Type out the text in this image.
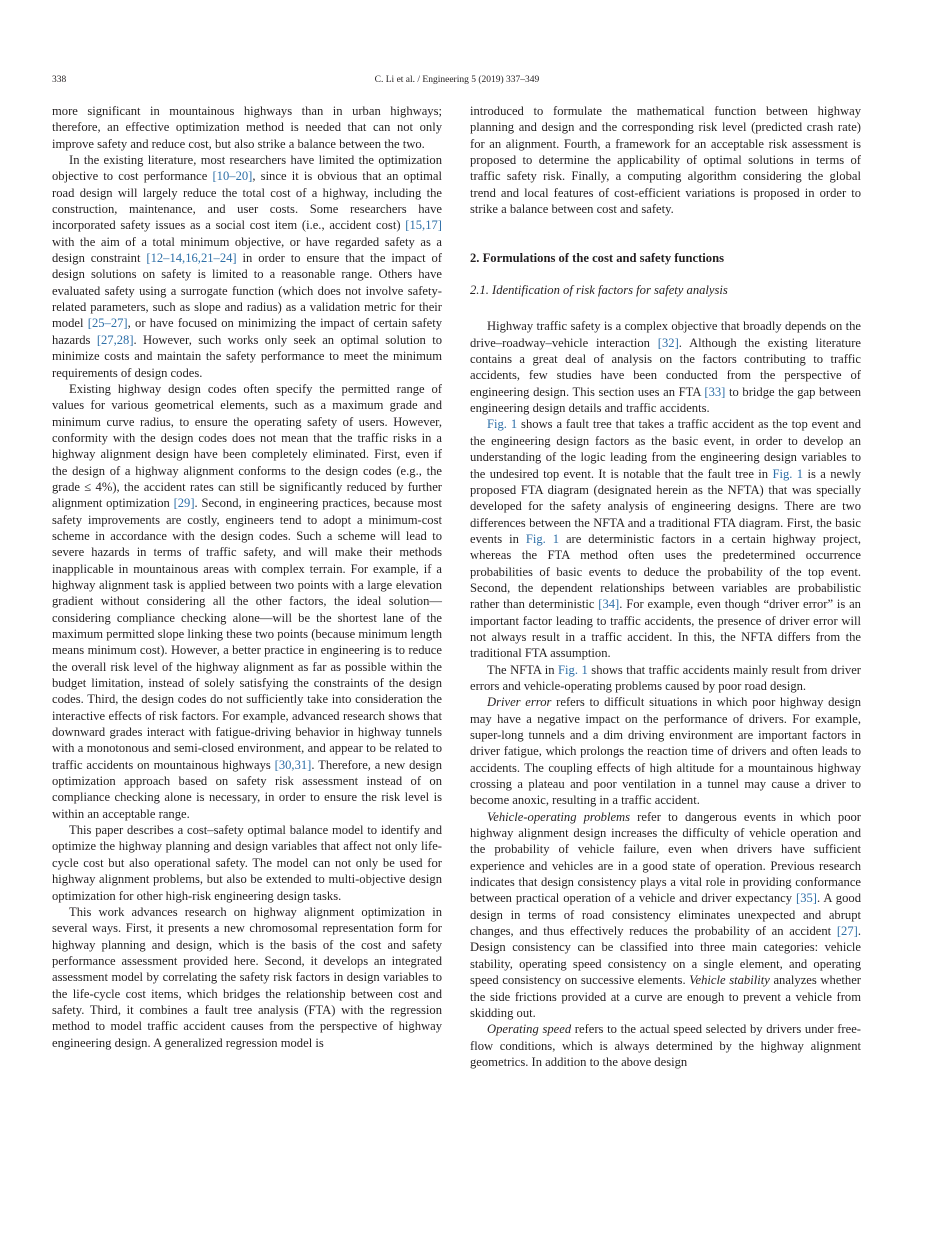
338	C. Li et al. / Engineering 5 (2019) 337–349

more significant in mountainous highways than in urban highways; therefore, an effective optimization method is needed that can not only improve safety and reduce cost, but also strike a balance between the two.

In the existing literature, most researchers have limited the optimization objective to cost performance [10–20], since it is obvious that an optimal road design will largely reduce the total cost of a highway, including the construction, maintenance, and user costs. Some researchers have incorporated safety issues as a social cost item (i.e., accident cost) [15,17] with the aim of a total minimum objective, or have regarded safety as a design constraint [12–14,16,21–24] in order to ensure that the impact of design solutions on safety is limited to a reasonable range. Others have evaluated safety using a surrogate function (which does not involve safety-related parameters, such as slope and radius) as a validation metric for their model [25–27], or have focused on minimizing the impact of certain safety hazards [27,28]. However, such works only seek an optimal solution to minimize costs and maintain the safety performance to meet the minimum requirements of design codes.

Existing highway design codes often specify the permitted range of values for various geometrical elements, such as a maximum grade and minimum curve radius, to ensure the operating safety of users. However, conformity with the design codes does not mean that the traffic risks in a highway alignment design have been completely eliminated. First, even if the design of a highway alignment conforms to the design codes (e.g., the grade ≤ 4%), the accident rates can still be significantly reduced by further alignment optimization [29]. Second, in engineering practices, because most safety improvements are costly, engineers tend to adopt a minimum-cost scheme in accordance with the design codes. Such a scheme will lead to severe hazards in terms of traffic safety, and will make their methods inapplicable in mountainous areas with complex terrain. For example, if a highway alignment task is applied between two points with a large elevation gradient without considering all the other factors, the ideal solution—considering compliance checking alone—will be the shortest lane of the maximum permitted slope linking these two points (because minimum length means minimum cost). However, a better practice in engineering is to reduce the overall risk level of the highway alignment as far as possible within the budget limitation, instead of solely satisfying the constraints of the design codes. Third, the design codes do not sufficiently take into consideration the interactive effects of risk factors. For example, advanced research shows that downward grades interact with fatigue-driving behavior in highway tunnels with a monotonous and semi-closed environment, and appear to be related to traffic accidents on mountainous highways [30,31]. Therefore, a new design optimization approach based on safety risk assessment instead of on compliance checking alone is necessary, in order to ensure the risk level is within an acceptable range.

This paper describes a cost–safety optimal balance model to identify and optimize the highway planning and design variables that affect not only life-cycle cost but also operational safety. The model can not only be used for highway alignment problems, but also be extended to multi-objective design optimization for other high-risk engineering design tasks.

This work advances research on highway alignment optimization in several ways. First, it presents a new chromosomal representation form for highway planning and design, which is the basis of the cost and safety performance assessment provided here. Second, it develops an integrated assessment model by correlating the safety risk factors in design variables to the life-cycle cost items, which bridges the relationship between cost and safety. Third, it combines a fault tree analysis (FTA) with the regression method to model traffic accident causes from the perspective of highway engineering design. A generalized regression model is

introduced to formulate the mathematical function between highway planning and design and the corresponding risk level (predicted crash rate) for an alignment. Fourth, a framework for an acceptable risk assessment is proposed to determine the applicability of optimal solutions in terms of traffic safety risk. Finally, a computing algorithm considering the global trend and local features of cost-efficient variations is proposed in order to strike a balance between cost and safety.

2. Formulations of the cost and safety functions
2.1. Identification of risk factors for safety analysis

Highway traffic safety is a complex objective that broadly depends on the drive–roadway–vehicle interaction [32]. Although the existing literature contains a great deal of analysis on the factors contributing to traffic accidents, few studies have been conducted from the perspective of engineering design. This section uses an FTA [33] to bridge the gap between engineering design details and traffic accidents.

Fig. 1 shows a fault tree that takes a traffic accident as the top event and the engineering design factors as the basic event, in order to develop an understanding of the logic leading from the engineering design variables to the undesired top event. It is notable that the fault tree in Fig. 1 is a newly proposed FTA diagram (designated herein as the NFTA) that was specially developed for the safety analysis of engineering designs. There are two differences between the NFTA and a traditional FTA diagram. First, the basic events in Fig. 1 are deterministic factors in a certain highway project, whereas the FTA method often uses the predetermined occurrence probabilities of basic events to deduce the probability of the top event. Second, the dependent relationships between variables are probabilistic rather than deterministic [34]. For example, even though “driver error” is an important factor leading to traffic accidents, the presence of driver error will not always result in a traffic accident. In this, the NFTA differs from the traditional FTA assumption.

The NFTA in Fig. 1 shows that traffic accidents mainly result from driver errors and vehicle-operating problems caused by poor road design.

Driver error refers to difficult situations in which poor highway design may have a negative impact on the performance of drivers. For example, super-long tunnels and a dim driving environment are important factors in driver fatigue, which prolongs the reaction time of drivers and often leads to accidents. The coupling effects of high altitude for a mountainous highway crossing a plateau and poor ventilation in a tunnel may cause a driver to become anoxic, resulting in a traffic accident.

Vehicle-operating problems refer to dangerous events in which poor highway alignment design increases the difficulty of vehicle operation and the probability of vehicle failure, even when drivers have sufficient experience and vehicles are in a good state of operation. Previous research indicates that design consistency plays a vital role in providing conformance between practical operation of a vehicle and driver expectancy [35]. A good design in terms of road consistency eliminates unexpected and abrupt changes, and thus effectively reduces the probability of an accident [27]. Design consistency can be classified into three main categories: vehicle stability, operating speed consistency on a single element, and operating speed consistency on successive elements. Vehicle stability analyzes whether the side frictions provided at a curve are enough to prevent a vehicle from skidding out.

Operating speed refers to the actual speed selected by drivers under free-flow conditions, which is always determined by the highway alignment geometrics. In addition to the above design
